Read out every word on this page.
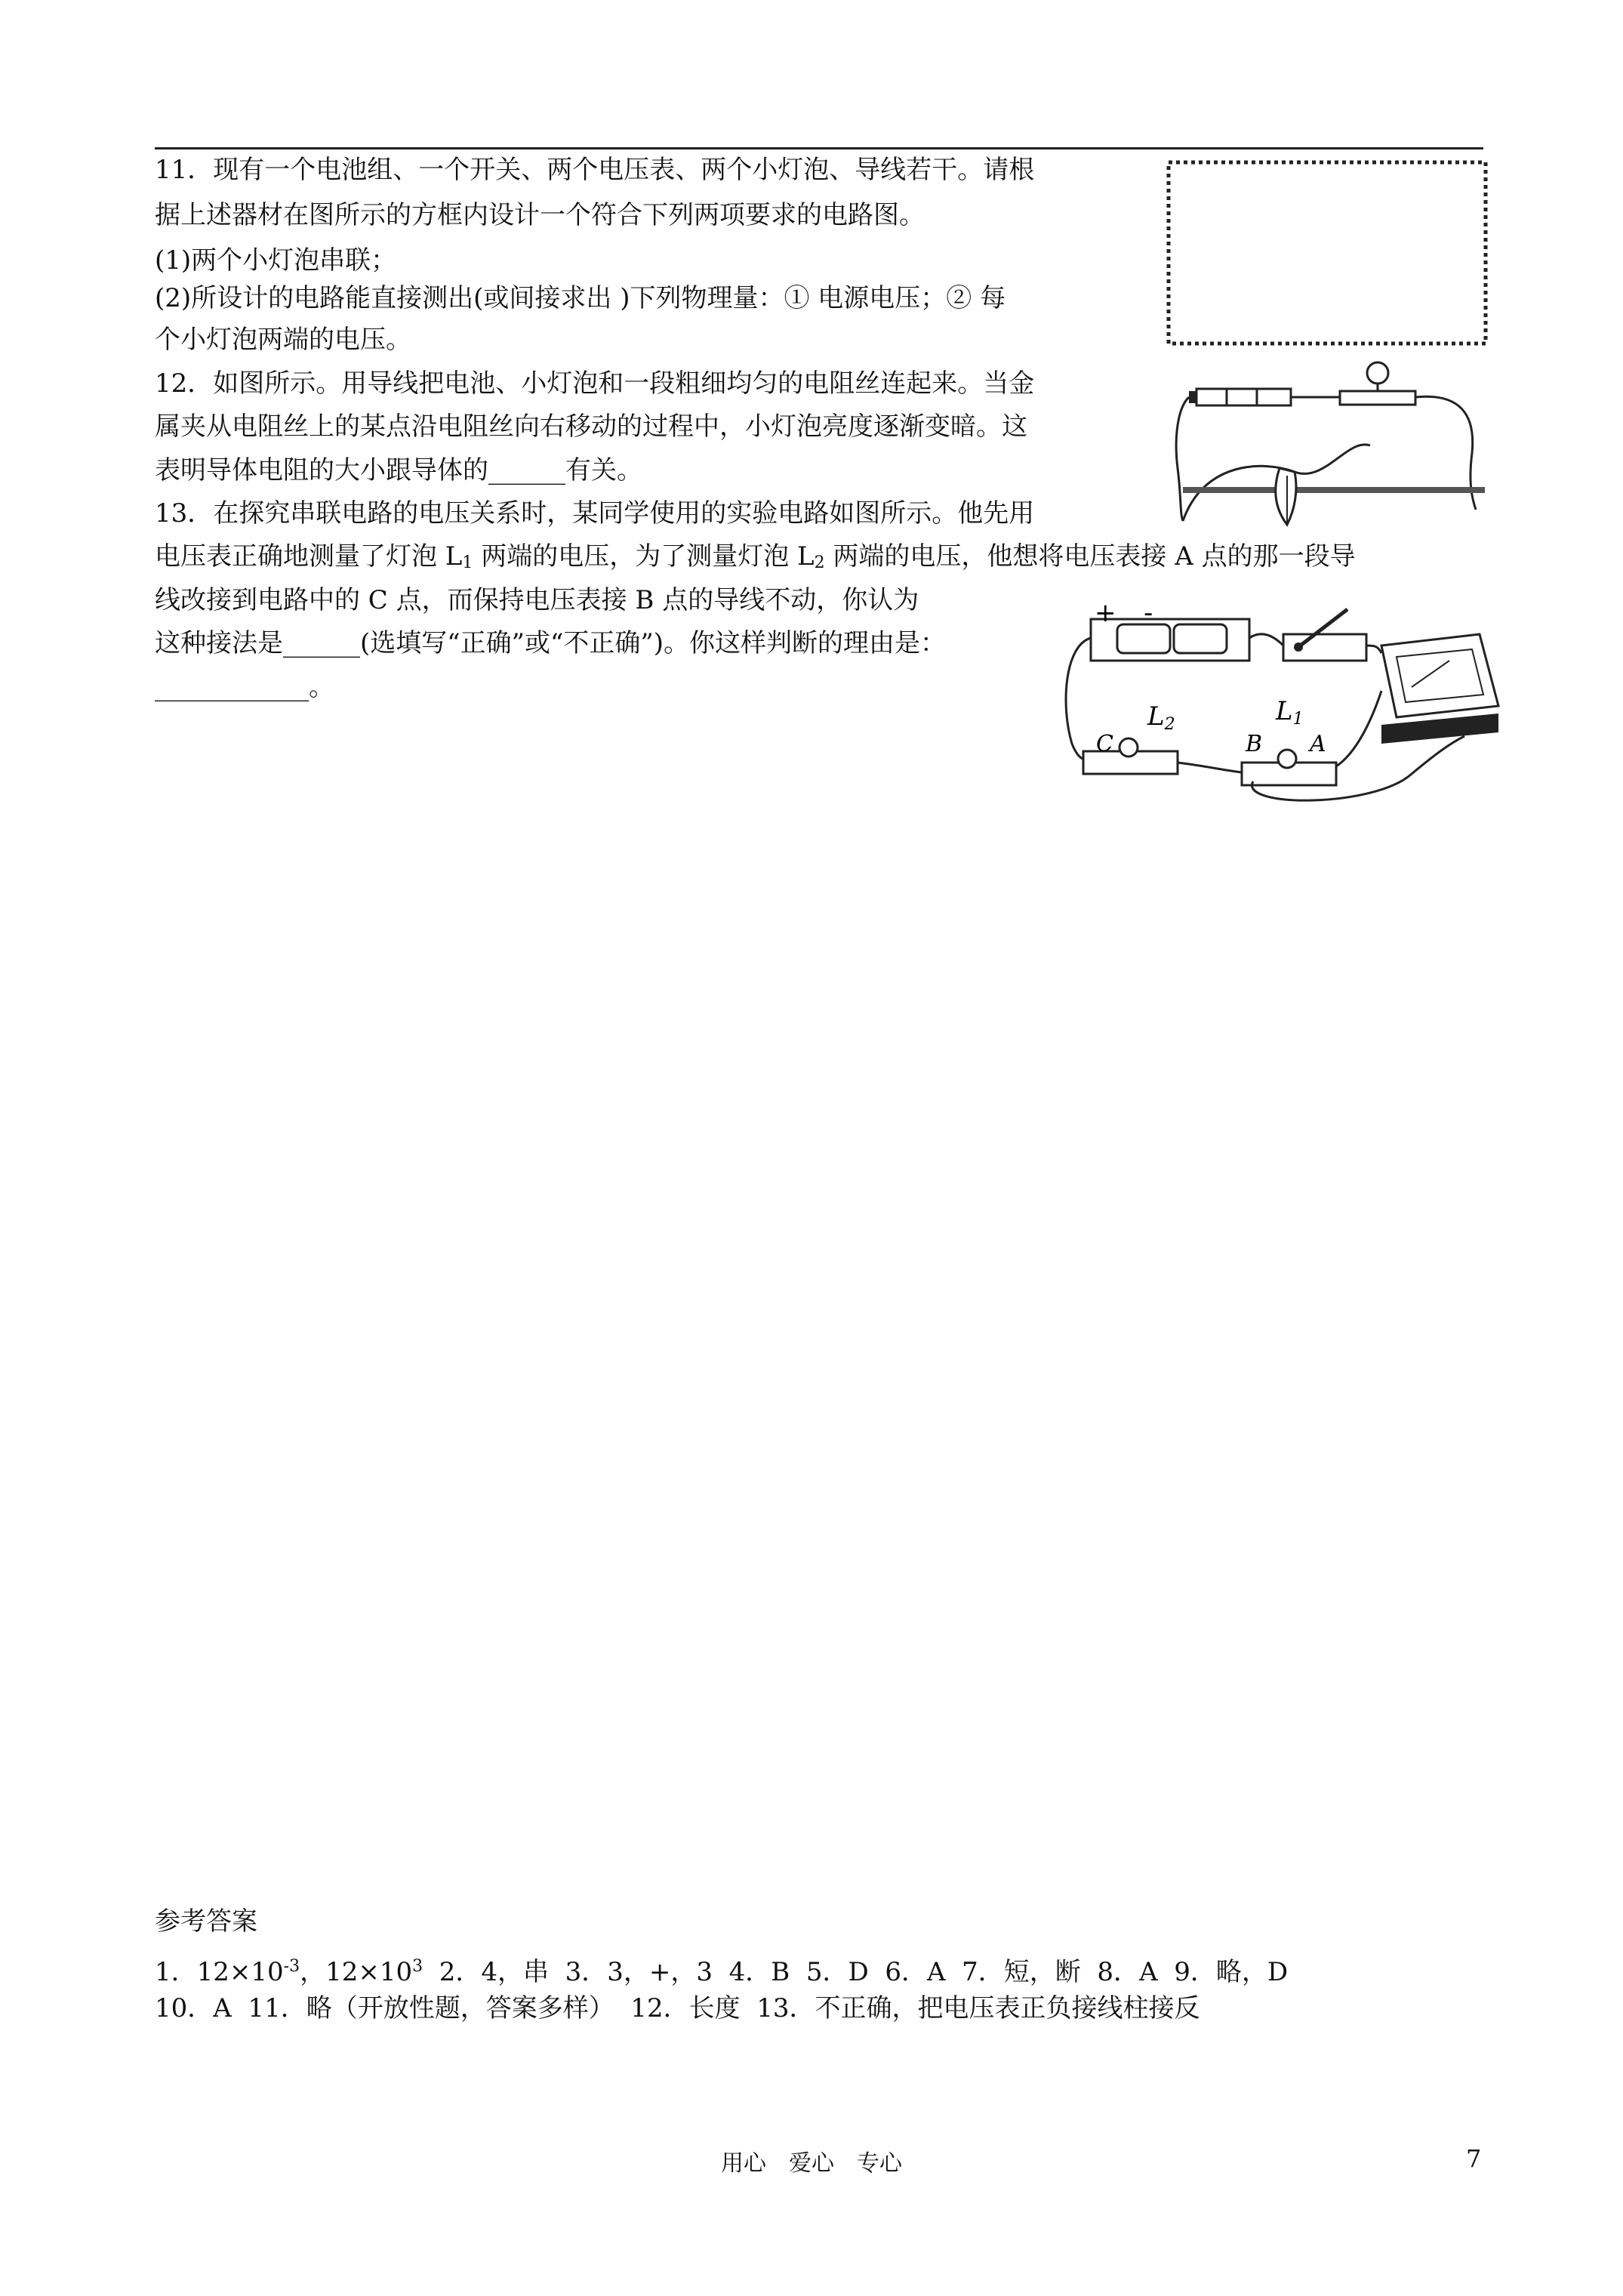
11．现有一个电池组、一个开关、两个电压表、两个小灯泡、导线若干。请根
据上述器材在图所示的方框内设计一个符合下列两项要求的电路图。
(1)两个小灯泡串联；
(2)所设计的电路能直接测出(或间接求出 )下列物理量：① 电源电压；② 每
个小灯泡两端的电压。
12．如图所示。用导线把电池、小灯泡和一段粗细均匀的电阻丝连起来。当金
属夹从电阻丝上的某点沿电阻丝向右移动的过程中，小灯泡亮度逐渐变暗。这
表明导体电阻的大小跟导体的______有关。
13．在探究串联电路的电压关系时，某同学使用的实验电路如图所示。他先用
电压表正确地测量了灯泡 $L_1$ 两端的电压，为了测量灯泡 $L_2$ 两端的电压，他想将电压表接 A 点的那一段导
线改接到电路中的 C 点，而保持电压表接 B 点的导线不动，你认为
这种接法是______(选填写“正确”或“不正确”)。你这样判断的理由是：
____________。
+ -
C
L2	L1
B A
参考答案
1．$12\times 10^{-3}$，$12\times 10^3$  2．4，串  3．3，+，3  4．B  5．D  6．A  7．短，断  8．A  9．略，D
10．A  11．略（开放性题，答案多样）  12．长度  13．不正确，把电压表正负接线柱接反
用心　爱心　专心	7
